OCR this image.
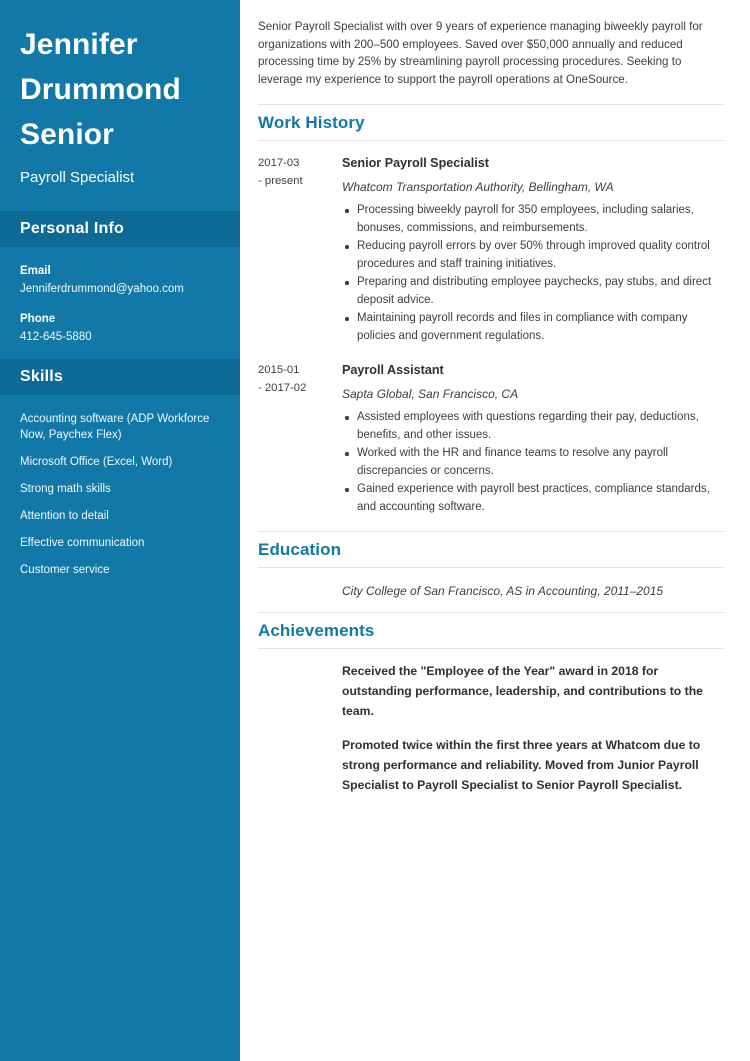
Jennifer Drummond Senior
Payroll Specialist
Personal Info
Email
Jenniferdrummond@yahoo.com
Phone
412-645-5880
Skills
Accounting software (ADP Workforce Now, Paychex Flex)
Microsoft Office (Excel, Word)
Strong math skills
Attention to detail
Effective communication
Customer service

Senior Payroll Specialist with over 9 years of experience managing biweekly payroll for organizations with 200–500 employees. Saved over $50,000 annually and reduced processing time by 25% by streamlining payroll processing procedures. Seeking to leverage my experience to support the payroll operations at OneSource.

Work History
2017-03
- present
Senior Payroll Specialist
Whatcom Transportation Authority, Bellingham, WA
Processing biweekly payroll for 350 employees, including salaries, bonuses, commissions, and reimbursements.
Reducing payroll errors by over 50% through improved quality control procedures and staff training initiatives.
Preparing and distributing employee paychecks, pay stubs, and direct deposit advice.
Maintaining payroll records and files in compliance with company policies and government regulations.
2015-01
- 2017-02
Payroll Assistant
Sapta Global, San Francisco, CA
Assisted employees with questions regarding their pay, deductions, benefits, and other issues.
Worked with the HR and finance teams to resolve any payroll discrepancies or concerns.
Gained experience with payroll best practices, compliance standards, and accounting software.
Education
City College of San Francisco, AS in Accounting, 2011–2015
Achievements

Received the "Employee of the Year" award in 2018 for outstanding performance, leadership, and contributions to the team.

Promoted twice within the first three years at Whatcom due to strong performance and reliability. Moved from Junior Payroll Specialist to Payroll Specialist to Senior Payroll Specialist.
